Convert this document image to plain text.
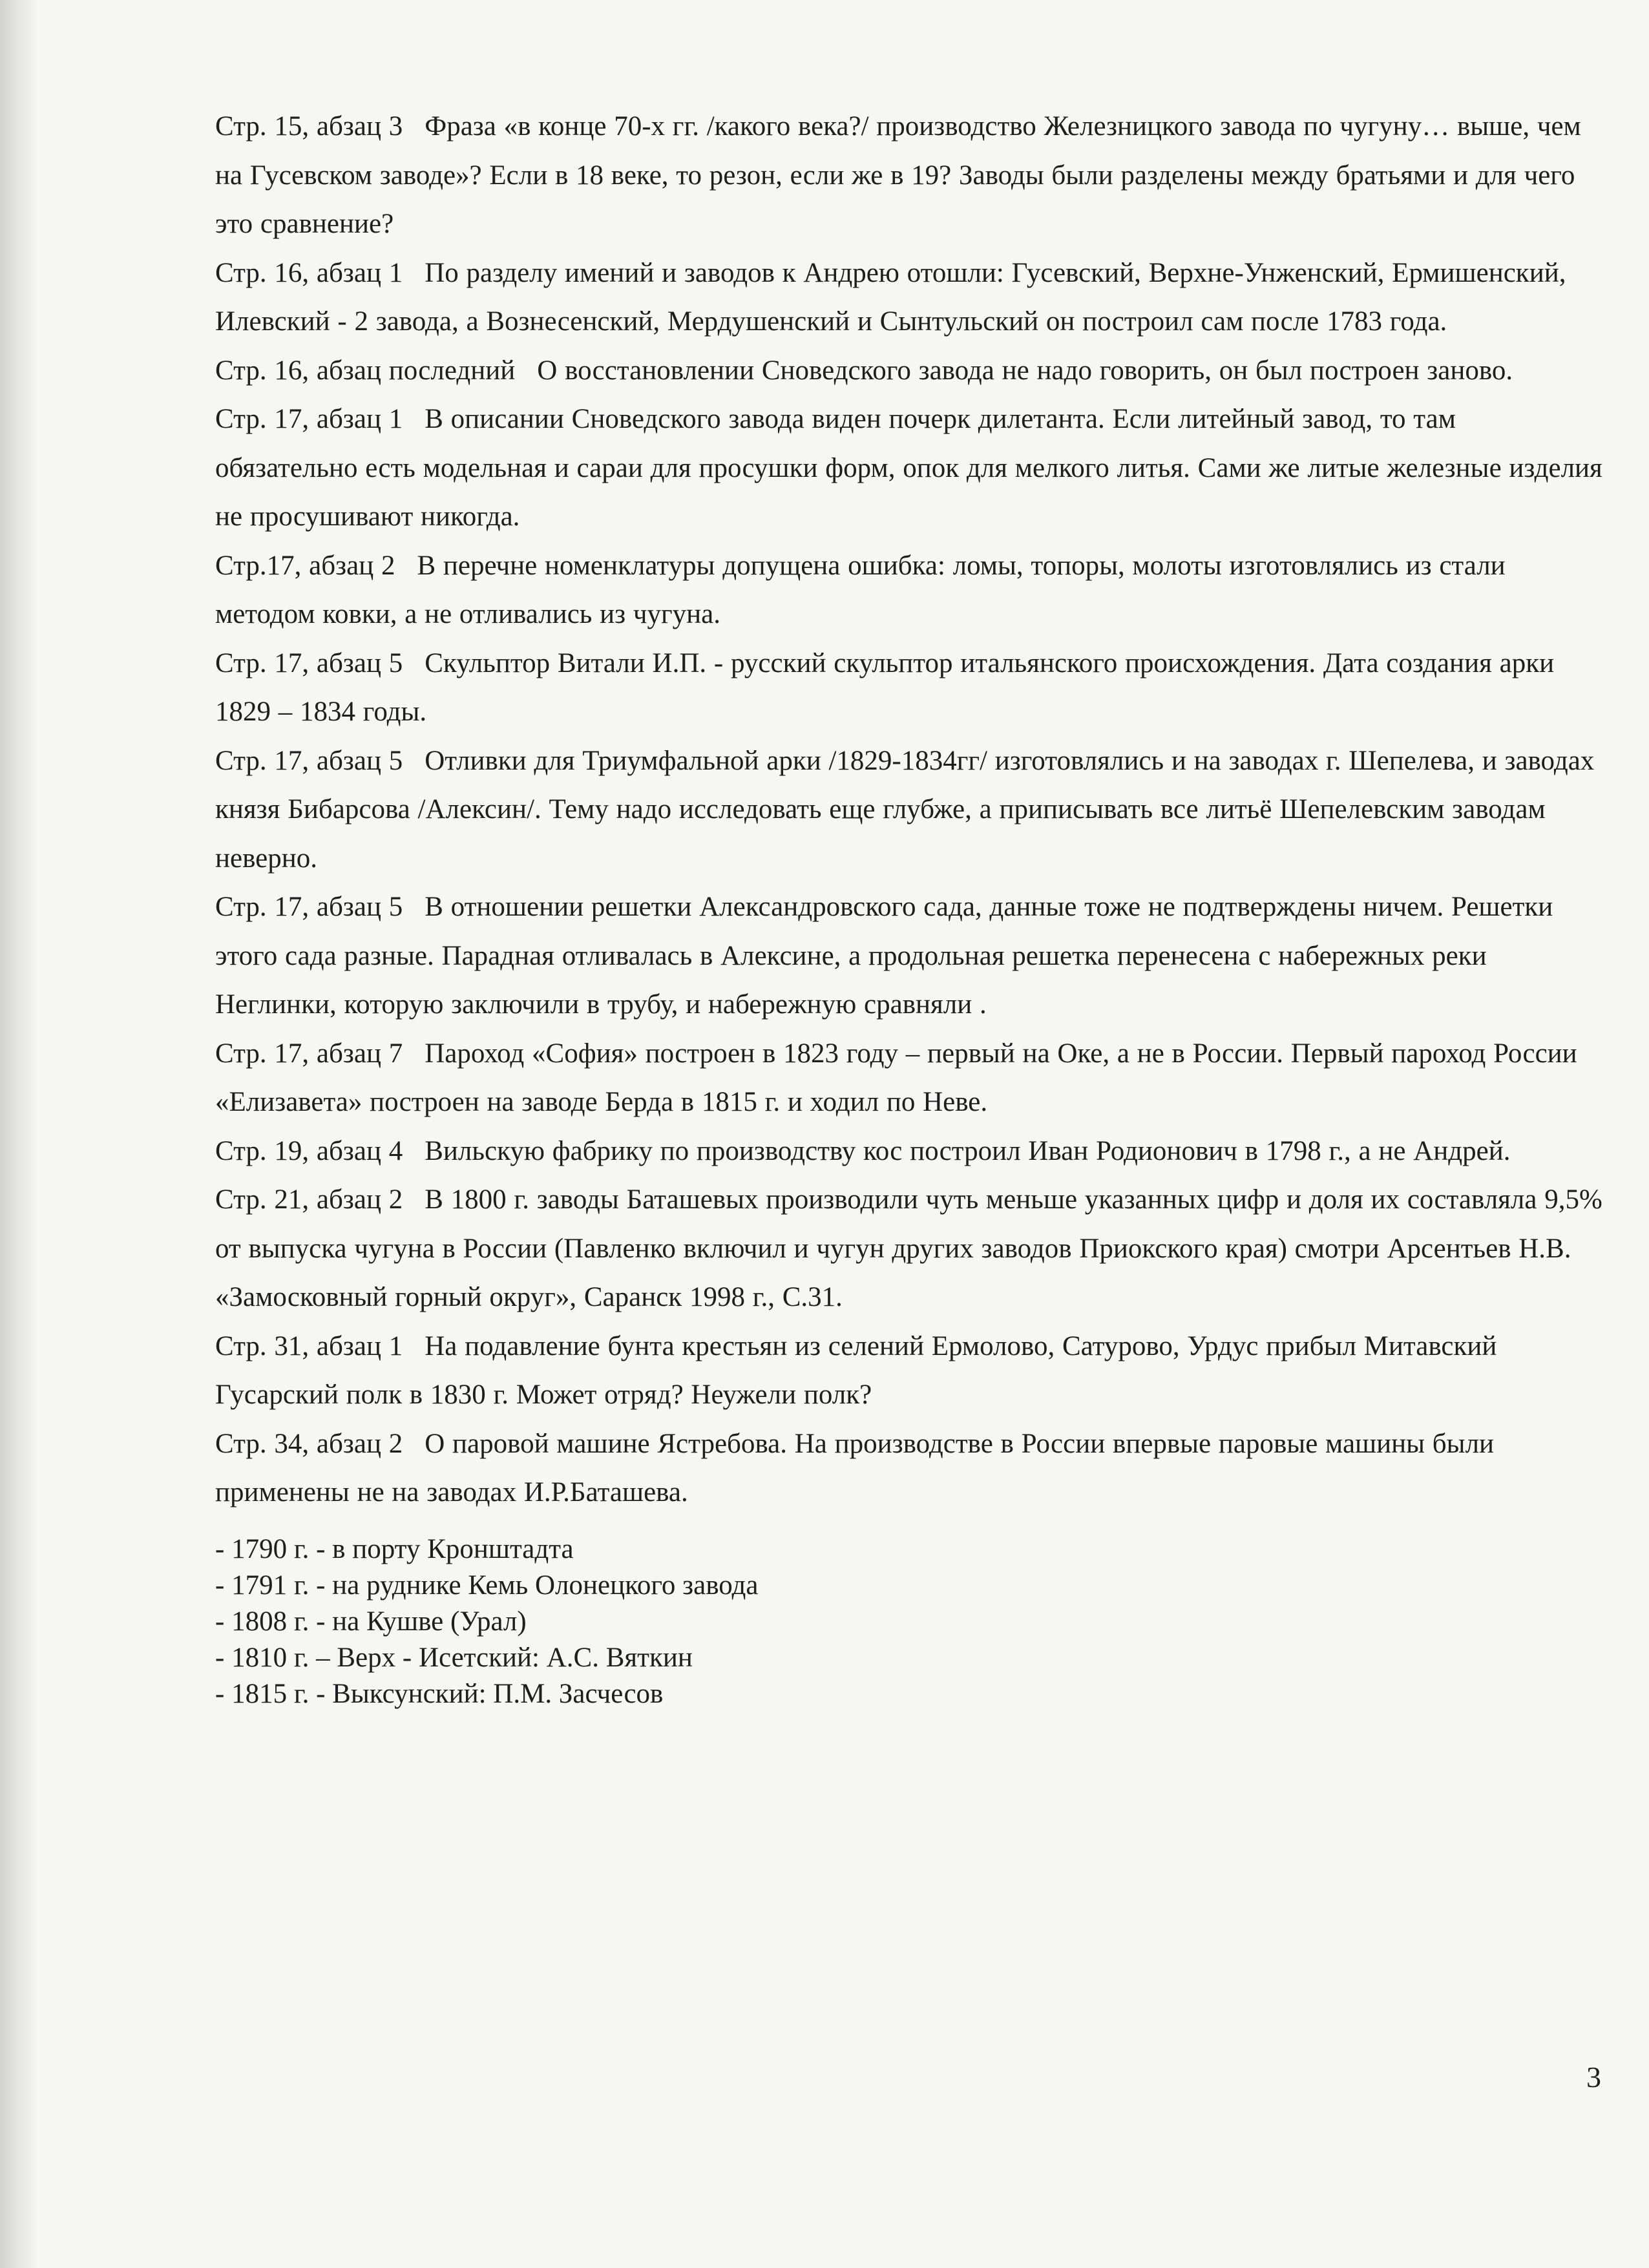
Стр. 15, абзац 3 Фраза «в конце 70-х гг. /какого века?/ производство Железницкого завода по чугуну… выше, чем на Гусевском заводе»? Если в 18 веке, то резон, если же в 19? Заводы были разделены между братьями и для чего это сравнение?

Стр. 16, абзац 1 По разделу имений и заводов к Андрею отошли: Гусевский, Верхне-Унженский, Ермишенский, Илевский - 2 завода, а Вознесенский, Мердушенский и Сынтульский он построил сам после 1783 года.

Стр. 16, абзац последний О восстановлении Сноведского завода не надо говорить, он был построен заново.

Стр. 17, абзац 1 В описании Сноведского завода виден почерк дилетанта. Если литейный завод, то там обязательно есть модельная и сараи для просушки форм, опок для мелкого литья. Сами же литые железные изделия не просушивают никогда.

Стр.17, абзац 2 В перечне номенклатуры допущена ошибка: ломы, топоры, молоты изготовлялись из стали методом ковки, а не отливались из чугуна.

Стр. 17, абзац 5 Скульптор Витали И.П. - русский скульптор итальянского происхождения. Дата создания арки 1829 – 1834 годы.

Стр. 17, абзац 5 Отливки для Триумфальной арки /1829-1834гг/ изготовлялись и на заводах г. Шепелева, и заводах князя Бибарсова /Алексин/. Тему надо исследовать еще глубже, а приписывать все литьё Шепелевским заводам неверно.

Стр. 17, абзац 5 В отношении решетки Александровского сада, данные тоже не подтверждены ничем. Решетки этого сада разные. Парадная отливалась в Алексине, а продольная решетка перенесена с набережных реки Неглинки, которую заключили в трубу, и набережную сравняли .

Стр. 17, абзац 7 Пароход «София» построен в 1823 году – первый на Оке, а не в России. Первый пароход России «Елизавета» построен на заводе Берда в 1815 г. и ходил по Неве.

Стр. 19, абзац 4 Вильскую фабрику по производству кос построил Иван Родионович в 1798 г., а не Андрей.

Стр. 21, абзац 2 В 1800 г. заводы Баташевых производили чуть меньше указанных цифр и доля их составляла 9,5% от выпуска чугуна в России (Павленко включил и чугун других заводов Приокского края) смотри Арсентьев Н.В. «Замосковный горный округ», Саранск 1998 г., С.31.

Стр. 31, абзац 1 На подавление бунта крестьян из селений Ермолово, Сатурово, Урдус прибыл Митавский Гусарский полк в 1830 г. Может отряд? Неужели полк?

Стр. 34, абзац 2 О паровой машине Ястребова. На производстве в России впервые паровые машины были применены не на заводах И.Р.Баташева.

- 1790 г. - в порту Кронштадта
- 1791 г. - на руднике Кемь Олонецкого завода
- 1808 г. - на Кушве (Урал)
- 1810 г. – Верх - Исетский: А.С. Вяткин
- 1815 г. - Выксунский: П.М. Засчесов
3
